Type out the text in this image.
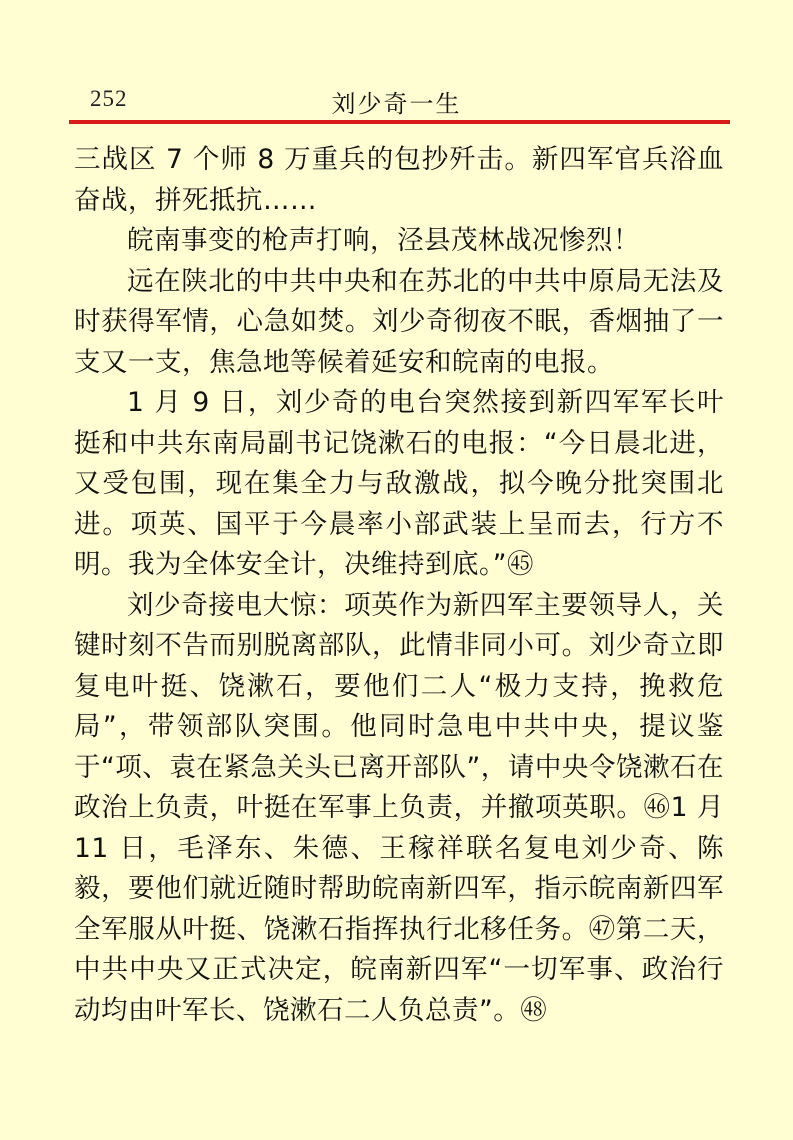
252	刘少奇一生

三战区 7 个师 8 万重兵的包抄歼击。新四军官兵浴血奋战，拼死抵抗……

皖南事变的枪声打响，泾县茂林战况惨烈！

远在陕北的中共中央和在苏北的中共中原局无法及时获得军情，心急如焚。刘少奇彻夜不眠，香烟抽了一支又一支，焦急地等候着延安和皖南的电报。

1 月 9 日，刘少奇的电台突然接到新四军军长叶挺和中共东南局副书记饶漱石的电报：“今日晨北进，又受包围，现在集全力与敌激战，拟今晚分批突围北进。项英、国平于今晨率小部武装上呈而去，行方不明。我为全体安全计，决维持到底。”㊺

刘少奇接电大惊：项英作为新四军主要领导人，关键时刻不告而别脱离部队，此情非同小可。刘少奇立即复电叶挺、饶漱石，要他们二人“极力支持，挽救危局”，带领部队突围。他同时急电中共中央，提议鉴于“项、袁在紧急关头已离开部队”，请中央令饶漱石在政治上负责，叶挺在军事上负责，并撤项英职。㊻1 月 11 日，毛泽东、朱德、王稼祥联名复电刘少奇、陈毅，要他们就近随时帮助皖南新四军，指示皖南新四军全军服从叶挺、饶漱石指挥执行北移任务。㊼第二天，中共中央又正式决定，皖南新四军“一切军事、政治行动均由叶军长、饶漱石二人负总责”。㊽
